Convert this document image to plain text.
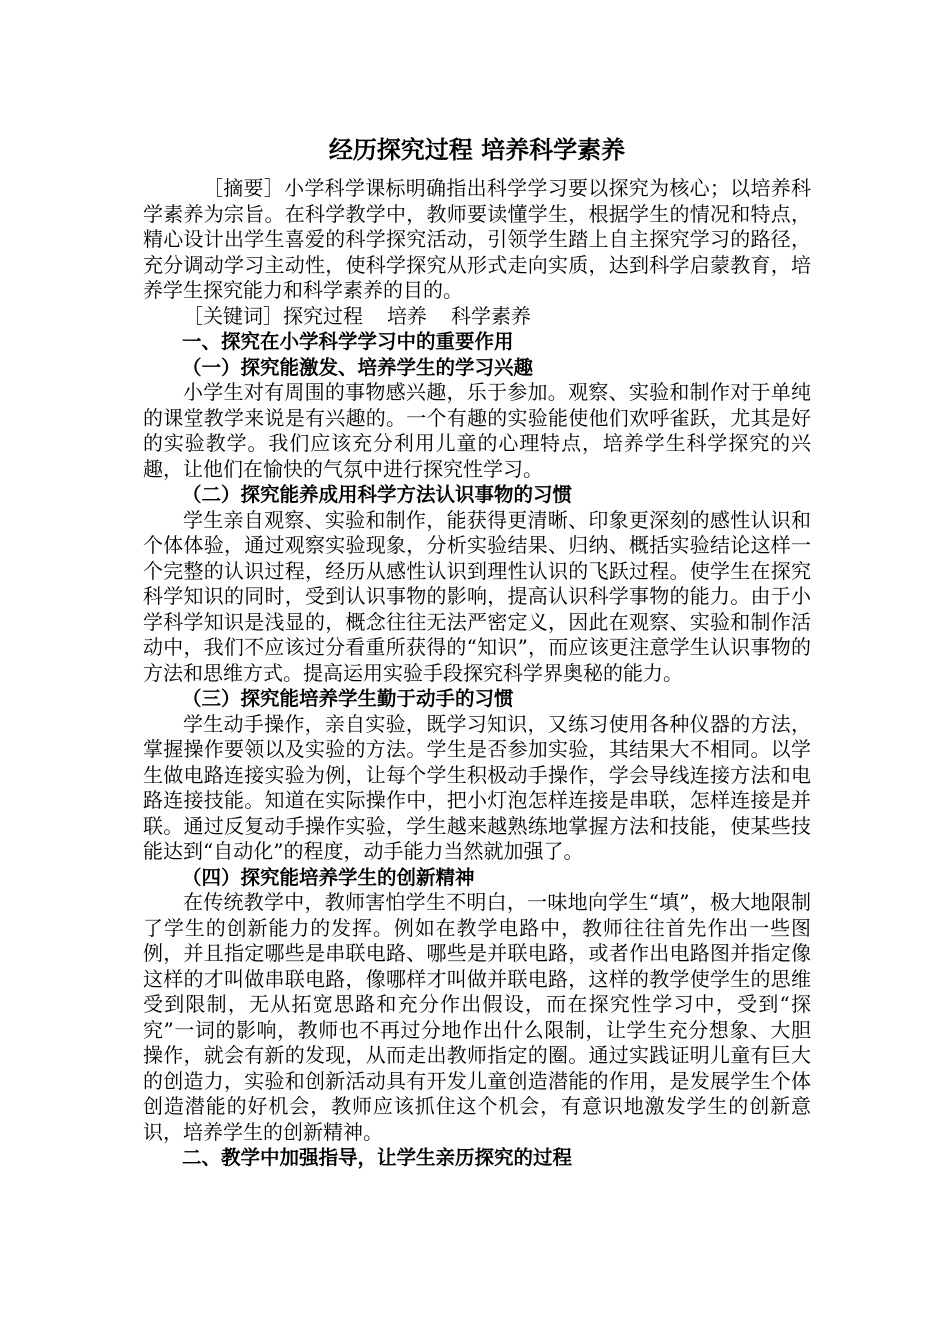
经历探究过程 培养科学素养

［摘要］小学科学课标明确指出科学学习要以探究为核心；以培养科学素养为宗旨。在科学教学中，教师要读懂学生，根据学生的情况和特点，精心设计出学生喜爱的科学探究活动，引领学生踏上自主探究学习的路径，充分调动学习主动性，使科学探究从形式走向实质，达到科学启蒙教育，培养学生探究能力和科学素养的目的。

［关键词］探究过程 培养 科学素养

一、探究在小学科学学习中的重要作用
（一）探究能激发、培养学生的学习兴趣

小学生对有周围的事物感兴趣，乐于参加。观察、实验和制作对于单纯的课堂教学来说是有兴趣的。一个有趣的实验能使他们欢呼雀跃，尤其是好的实验教学。我们应该充分利用儿童的心理特点，培养学生科学探究的兴趣，让他们在愉快的气氛中进行探究性学习。

（二）探究能养成用科学方法认识事物的习惯

学生亲自观察、实验和制作，能获得更清晰、印象更深刻的感性认识和个体体验，通过观察实验现象，分析实验结果、归纳、概括实验结论这样一个完整的认识过程，经历从感性认识到理性认识的飞跃过程。使学生在探究科学知识的同时，受到认识事物的影响，提高认识科学事物的能力。由于小学科学知识是浅显的，概念往往无法严密定义，因此在观察、实验和制作活动中，我们不应该过分看重所获得的“知识”，而应该更注意学生认识事物的方法和思维方式。提高运用实验手段探究科学界奥秘的能力。

（三）探究能培养学生勤于动手的习惯

学生动手操作，亲自实验，既学习知识，又练习使用各种仪器的方法，掌握操作要领以及实验的方法。学生是否参加实验，其结果大不相同。以学生做电路连接实验为例，让每个学生积极动手操作，学会导线连接方法和电路连接技能。知道在实际操作中，把小灯泡怎样连接是串联，怎样连接是并联。通过反复动手操作实验，学生越来越熟练地掌握方法和技能，使某些技能达到“自动化”的程度，动手能力当然就加强了。

（四）探究能培养学生的创新精神

在传统教学中，教师害怕学生不明白，一味地向学生“填”，极大地限制了学生的创新能力的发挥。例如在教学电路中，教师往往首先作出一些图例，并且指定哪些是串联电路、哪些是并联电路，或者作出电路图并指定像这样的才叫做串联电路，像哪样才叫做并联电路，这样的教学使学生的思维受到限制，无从拓宽思路和充分作出假设，而在探究性学习中，受到“探究”一词的影响，教师也不再过分地作出什么限制，让学生充分想象、大胆操作，就会有新的发现，从而走出教师指定的圈。通过实践证明儿童有巨大的创造力，实验和创新活动具有开发儿童创造潜能的作用，是发展学生个体创造潜能的好机会，教师应该抓住这个机会，有意识地激发学生的创新意识，培养学生的创新精神。

二、教学中加强指导，让学生亲历探究的过程
